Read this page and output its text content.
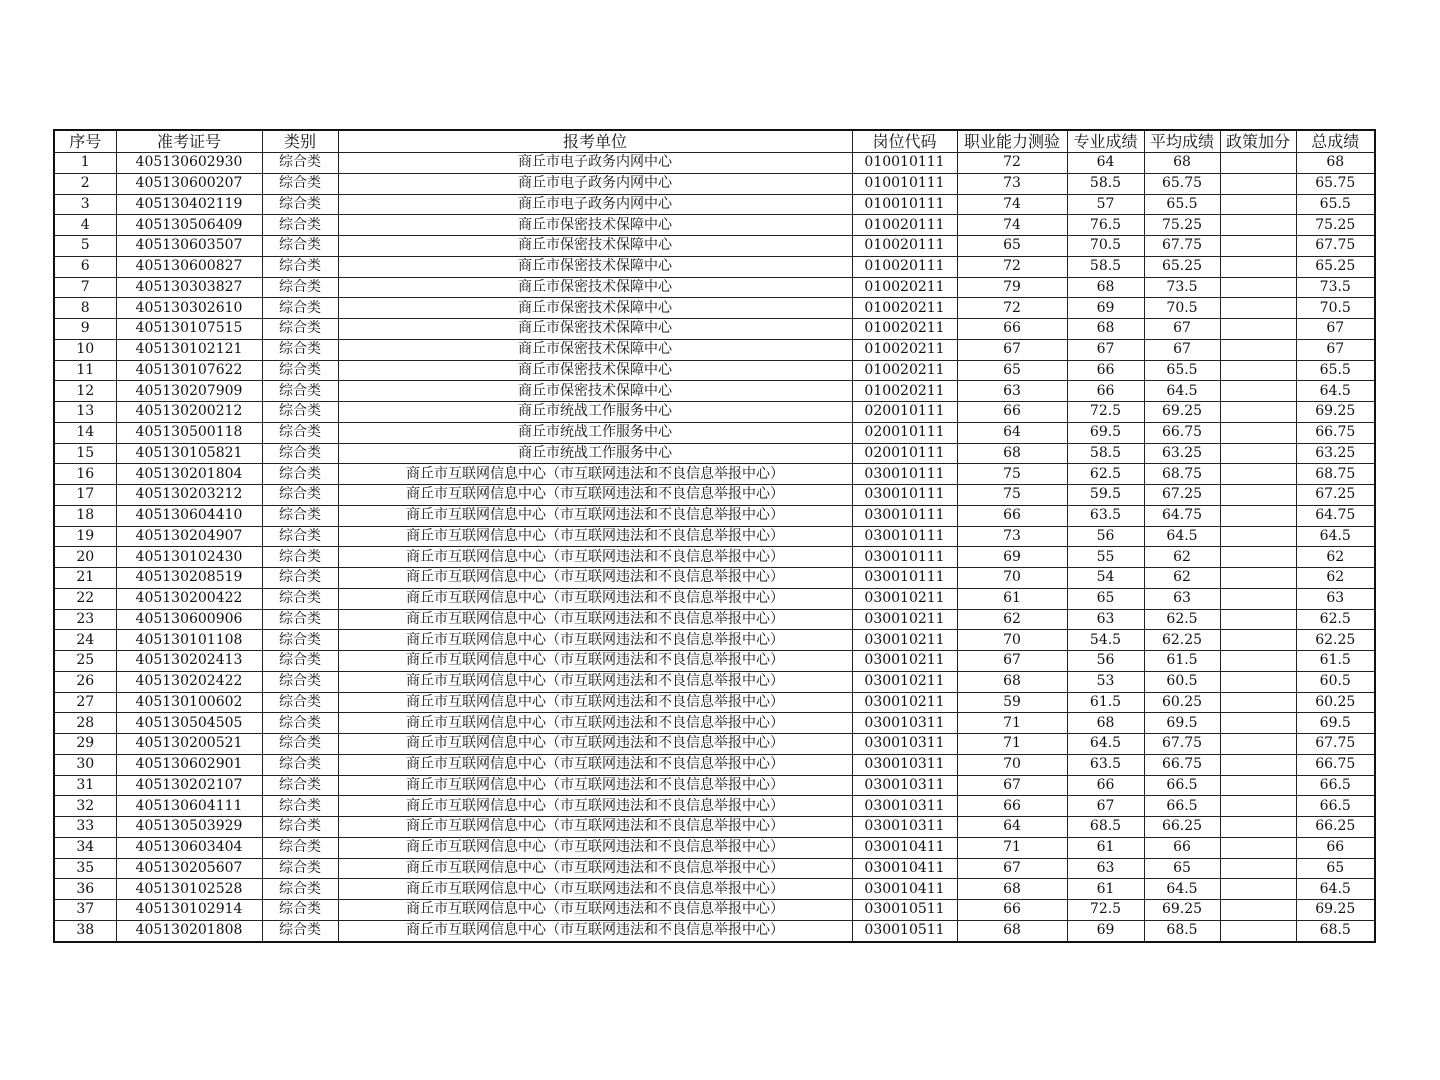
序号	准考证号	类别	报考单位	岗位代码	职业能力测验	专业成绩	平均成绩	政策加分	总成绩
1	405130602930	综合类	商丘市电子政务内网中心	010010111	72	64	68		68
2	405130600207	综合类	商丘市电子政务内网中心	010010111	73	58.5	65.75		65.75
3	405130402119	综合类	商丘市电子政务内网中心	010010111	74	57	65.5		65.5
4	405130506409	综合类	商丘市保密技术保障中心	010020111	74	76.5	75.25		75.25
5	405130603507	综合类	商丘市保密技术保障中心	010020111	65	70.5	67.75		67.75
6	405130600827	综合类	商丘市保密技术保障中心	010020111	72	58.5	65.25		65.25
7	405130303827	综合类	商丘市保密技术保障中心	010020211	79	68	73.5		73.5
8	405130302610	综合类	商丘市保密技术保障中心	010020211	72	69	70.5		70.5
9	405130107515	综合类	商丘市保密技术保障中心	010020211	66	68	67		67
10	405130102121	综合类	商丘市保密技术保障中心	010020211	67	67	67		67
11	405130107622	综合类	商丘市保密技术保障中心	010020211	65	66	65.5		65.5
12	405130207909	综合类	商丘市保密技术保障中心	010020211	63	66	64.5		64.5
13	405130200212	综合类	商丘市统战工作服务中心	020010111	66	72.5	69.25		69.25
14	405130500118	综合类	商丘市统战工作服务中心	020010111	64	69.5	66.75		66.75
15	405130105821	综合类	商丘市统战工作服务中心	020010111	68	58.5	63.25		63.25
16	405130201804	综合类	商丘市互联网信息中心（市互联网违法和不良信息举报中心）	030010111	75	62.5	68.75		68.75
17	405130203212	综合类	商丘市互联网信息中心（市互联网违法和不良信息举报中心）	030010111	75	59.5	67.25		67.25
18	405130604410	综合类	商丘市互联网信息中心（市互联网违法和不良信息举报中心）	030010111	66	63.5	64.75		64.75
19	405130204907	综合类	商丘市互联网信息中心（市互联网违法和不良信息举报中心）	030010111	73	56	64.5		64.5
20	405130102430	综合类	商丘市互联网信息中心（市互联网违法和不良信息举报中心）	030010111	69	55	62		62
21	405130208519	综合类	商丘市互联网信息中心（市互联网违法和不良信息举报中心）	030010111	70	54	62		62
22	405130200422	综合类	商丘市互联网信息中心（市互联网违法和不良信息举报中心）	030010211	61	65	63		63
23	405130600906	综合类	商丘市互联网信息中心（市互联网违法和不良信息举报中心）	030010211	62	63	62.5		62.5
24	405130101108	综合类	商丘市互联网信息中心（市互联网违法和不良信息举报中心）	030010211	70	54.5	62.25		62.25
25	405130202413	综合类	商丘市互联网信息中心（市互联网违法和不良信息举报中心）	030010211	67	56	61.5		61.5
26	405130202422	综合类	商丘市互联网信息中心（市互联网违法和不良信息举报中心）	030010211	68	53	60.5		60.5
27	405130100602	综合类	商丘市互联网信息中心（市互联网违法和不良信息举报中心）	030010211	59	61.5	60.25		60.25
28	405130504505	综合类	商丘市互联网信息中心（市互联网违法和不良信息举报中心）	030010311	71	68	69.5		69.5
29	405130200521	综合类	商丘市互联网信息中心（市互联网违法和不良信息举报中心）	030010311	71	64.5	67.75		67.75
30	405130602901	综合类	商丘市互联网信息中心（市互联网违法和不良信息举报中心）	030010311	70	63.5	66.75		66.75
31	405130202107	综合类	商丘市互联网信息中心（市互联网违法和不良信息举报中心）	030010311	67	66	66.5		66.5
32	405130604111	综合类	商丘市互联网信息中心（市互联网违法和不良信息举报中心）	030010311	66	67	66.5		66.5
33	405130503929	综合类	商丘市互联网信息中心（市互联网违法和不良信息举报中心）	030010311	64	68.5	66.25		66.25
34	405130603404	综合类	商丘市互联网信息中心（市互联网违法和不良信息举报中心）	030010411	71	61	66		66
35	405130205607	综合类	商丘市互联网信息中心（市互联网违法和不良信息举报中心）	030010411	67	63	65		65
36	405130102528	综合类	商丘市互联网信息中心（市互联网违法和不良信息举报中心）	030010411	68	61	64.5		64.5
37	405130102914	综合类	商丘市互联网信息中心（市互联网违法和不良信息举报中心）	030010511	66	72.5	69.25		69.25
38	405130201808	综合类	商丘市互联网信息中心（市互联网违法和不良信息举报中心）	030010511	68	69	68.5		68.5
